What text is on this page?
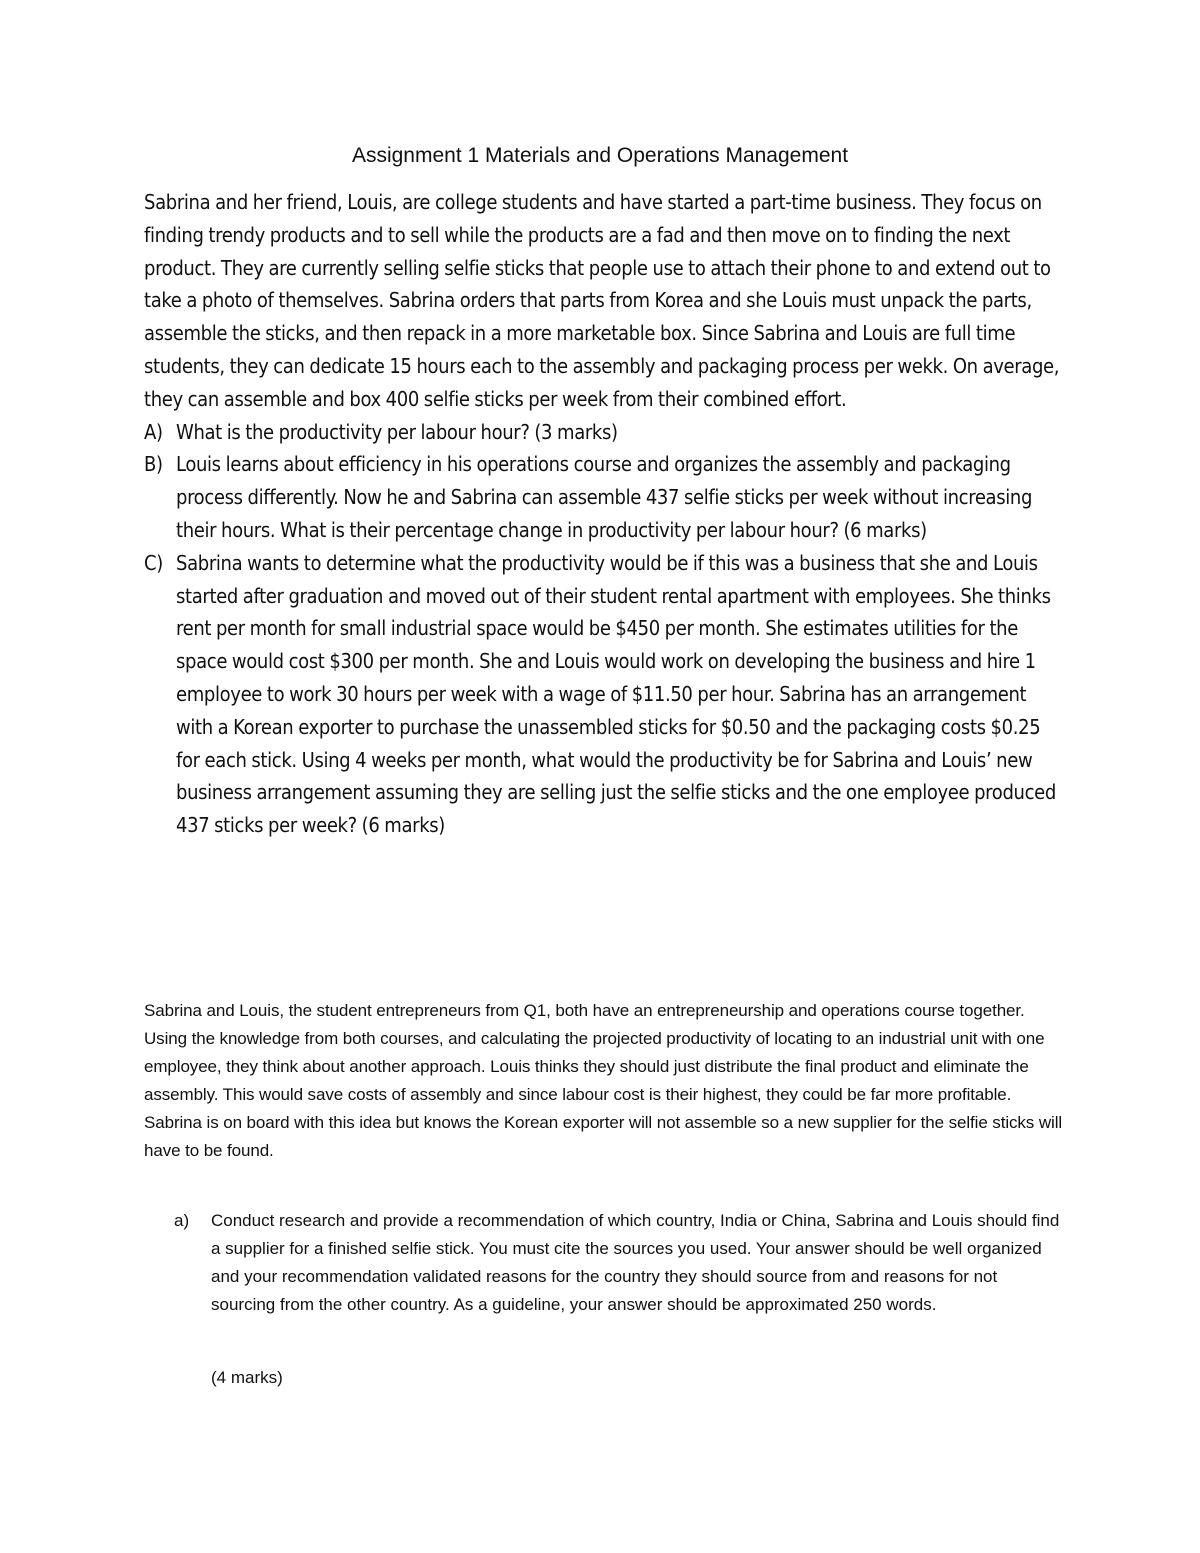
Assignment 1 Materials and Operations Management

Sabrina and her friend, Louis, are college students and have started a part-time business. They focus on finding trendy products and to sell while the products are a fad and then move on to finding the next product. They are currently selling selfie sticks that people use to attach their phone to and extend out to take a photo of themselves. Sabrina orders that parts from Korea and she Louis must unpack the parts, assemble the sticks, and then repack in a more marketable box. Since Sabrina and Louis are full time students, they can dedicate 15 hours each to the assembly and packaging process per wekk. On average, they can assemble and box 400 selfie sticks per week from their combined effort.

A) What is the productivity per labour hour? (3 marks)
B) Louis learns about efficiency in his operations course and organizes the assembly and packaging process differently. Now he and Sabrina can assemble 437 selfie sticks per week without increasing their hours. What is their percentage change in productivity per labour hour? (6 marks)
C) Sabrina wants to determine what the productivity would be if this was a business that she and Louis started after graduation and moved out of their student rental apartment with employees. She thinks rent per month for small industrial space would be $450 per month. She estimates utilities for the space would cost $300 per month. She and Louis would work on developing the business and hire 1 employee to work 30 hours per week with a wage of $11.50 per hour. Sabrina has an arrangement with a Korean exporter to purchase the unassembled sticks for $0.50 and the packaging costs $0.25 for each stick. Using 4 weeks per month, what would the productivity be for Sabrina and Louis’ new business arrangement assuming they are selling just the selfie sticks and the one employee produced 437 sticks per week? (6 marks)

Sabrina and Louis, the student entrepreneurs from Q1, both have an entrepreneurship and operations course together. Using the knowledge from both courses, and calculating the projected productivity of locating to an industrial unit with one employee, they think about another approach. Louis thinks they should just distribute the final product and eliminate the assembly. This would save costs of assembly and since labour cost is their highest, they could be far more profitable. Sabrina is on board with this idea but knows the Korean exporter will not assemble so a new supplier for the selfie sticks will have to be found.

a)	Conduct research and provide a recommendation of which country, India or China, Sabrina and Louis should find a supplier for a finished selfie stick. You must cite the sources you used. Your answer should be well organized and your recommendation validated reasons for the country they should source from and reasons for not sourcing from the other country. As a guideline, your answer should be approximated 250 words.
(4 marks)
